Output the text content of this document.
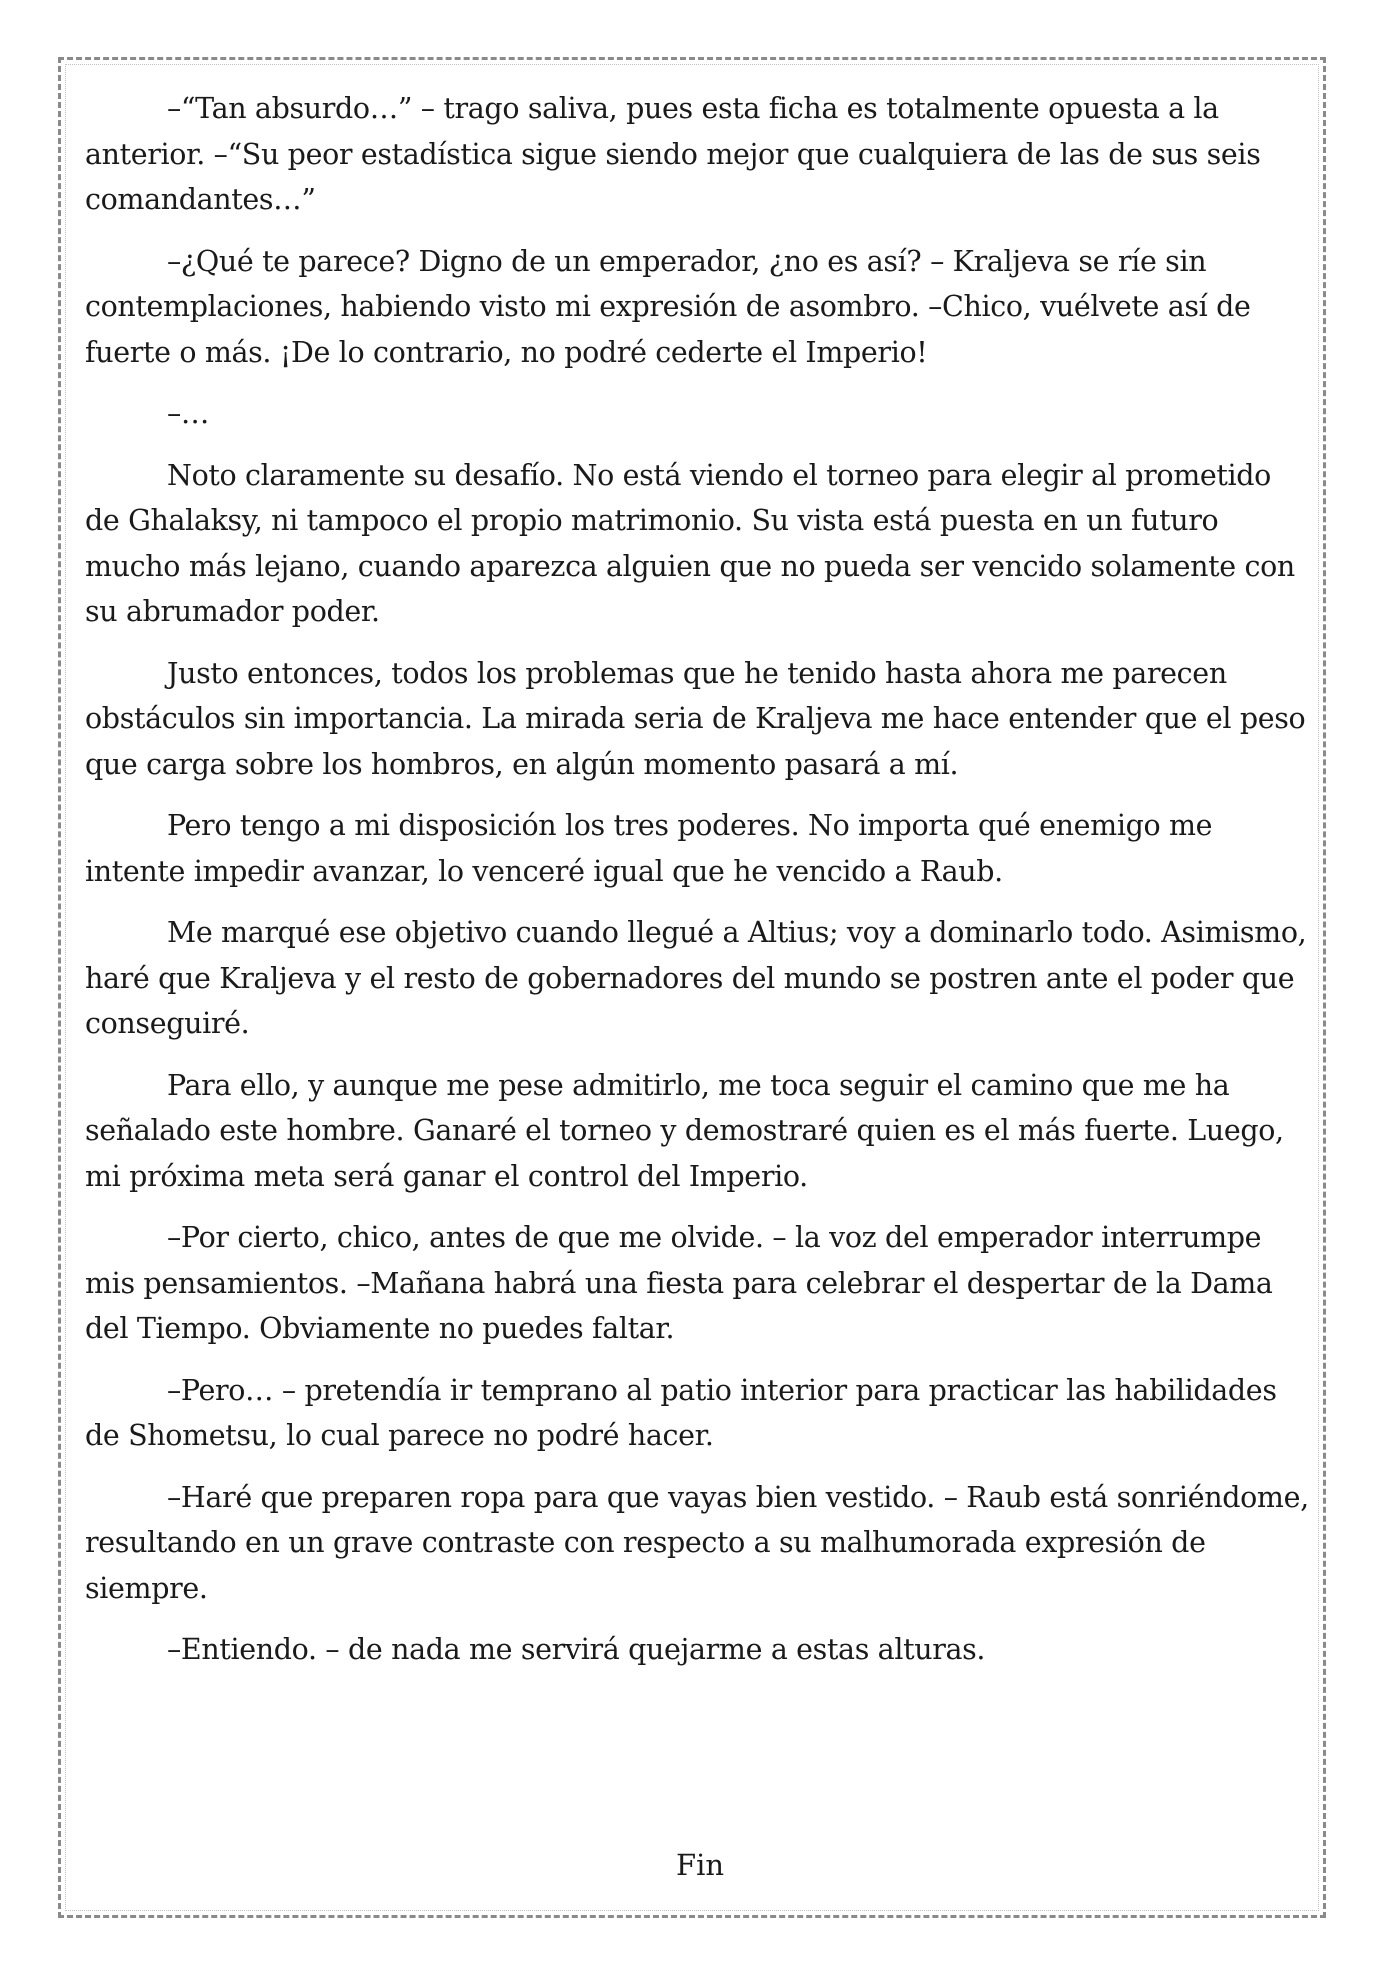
–“Tan absurdo…” – trago saliva, pues esta ficha es totalmente opuesta a la anterior. –“Su peor estadística sigue siendo mejor que cualquiera de las de sus seis comandantes…”

–¿Qué te parece? Digno de un emperador, ¿no es así? – Kraljeva se ríe sin contemplaciones, habiendo visto mi expresión de asombro. –Chico, vuélvete así de fuerte o más. ¡De lo contrario, no podré cederte el Imperio!

–…

Noto claramente su desafío. No está viendo el torneo para elegir al prometido de Ghalaksy, ni tampoco el propio matrimonio. Su vista está puesta en un futuro mucho más lejano, cuando aparezca alguien que no pueda ser vencido solamente con su abrumador poder.

Justo entonces, todos los problemas que he tenido hasta ahora me parecen obstáculos sin importancia. La mirada seria de Kraljeva me hace entender que el peso que carga sobre los hombros, en algún momento pasará a mí.

Pero tengo a mi disposición los tres poderes. No importa qué enemigo me intente impedir avanzar, lo venceré igual que he vencido a Raub.

Me marqué ese objetivo cuando llegué a Altius; voy a dominarlo todo. Asimismo, haré que Kraljeva y el resto de gobernadores del mundo se postren ante el poder que conseguiré.

Para ello, y aunque me pese admitirlo, me toca seguir el camino que me ha señalado este hombre. Ganaré el torneo y demostraré quien es el más fuerte. Luego, mi próxima meta será ganar el control del Imperio.

–Por cierto, chico, antes de que me olvide. – la voz del emperador interrumpe mis pensamientos. –Mañana habrá una fiesta para celebrar el despertar de la Dama del Tiempo. Obviamente no puedes faltar.

–Pero… – pretendía ir temprano al patio interior para practicar las habilidades de Shometsu, lo cual parece no podré hacer.

–Haré que preparen ropa para que vayas bien vestido. – Raub está sonriéndome, resultando en un grave contraste con respecto a su malhumorada expresión de siempre.

–Entiendo. – de nada me servirá quejarme a estas alturas.

Fin
